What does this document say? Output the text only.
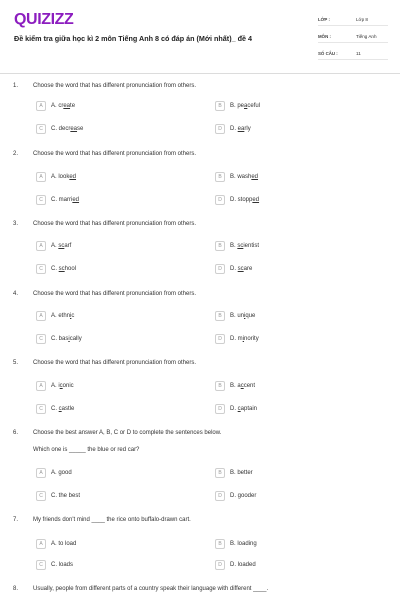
QUIZIZZ
Đề kiểm tra giữa học kì 2 môn Tiếng Anh 8 có đáp án (Mới nhất)_ đề 4
LỚP :	Lớp 8
MÔN :	Tiếng Anh
SỐ CÂU :	11
1. Choose the word that has different pronunciation from others.
A	A. create	B	B. peaceful
C	C. decrease	D	D. early
2. Choose the word that has different pronunciation from others.
A	A. looked	B	B. washed
C	C. married	D	D. stopped
3. Choose the word that has different pronunciation from others.
A	A. scarf	B	B. scientist
C	C. school	D	D. scare
4. Choose the word that has different pronunciation from others.
A	A. ethnic	B	B. unique
C	C. basically	D	D. minority
5. Choose the word that has different pronunciation from others.
A	A. iconic	B	B. accent
C	C. castle	D	D. captain
6. Choose the best answer A, B, C or D to complete the sentences below.
Which one is _____ the blue or red car?
A	A. good	B	B. better
C	C. the best	D	D. gooder
7. My friends don't mind ____ the rice onto buffalo-drawn cart.
A	A. to load	B	B. loading
C	C. loads	D	D. loaded
8. Usually, people from different parts of a country speak their language with different ____.
